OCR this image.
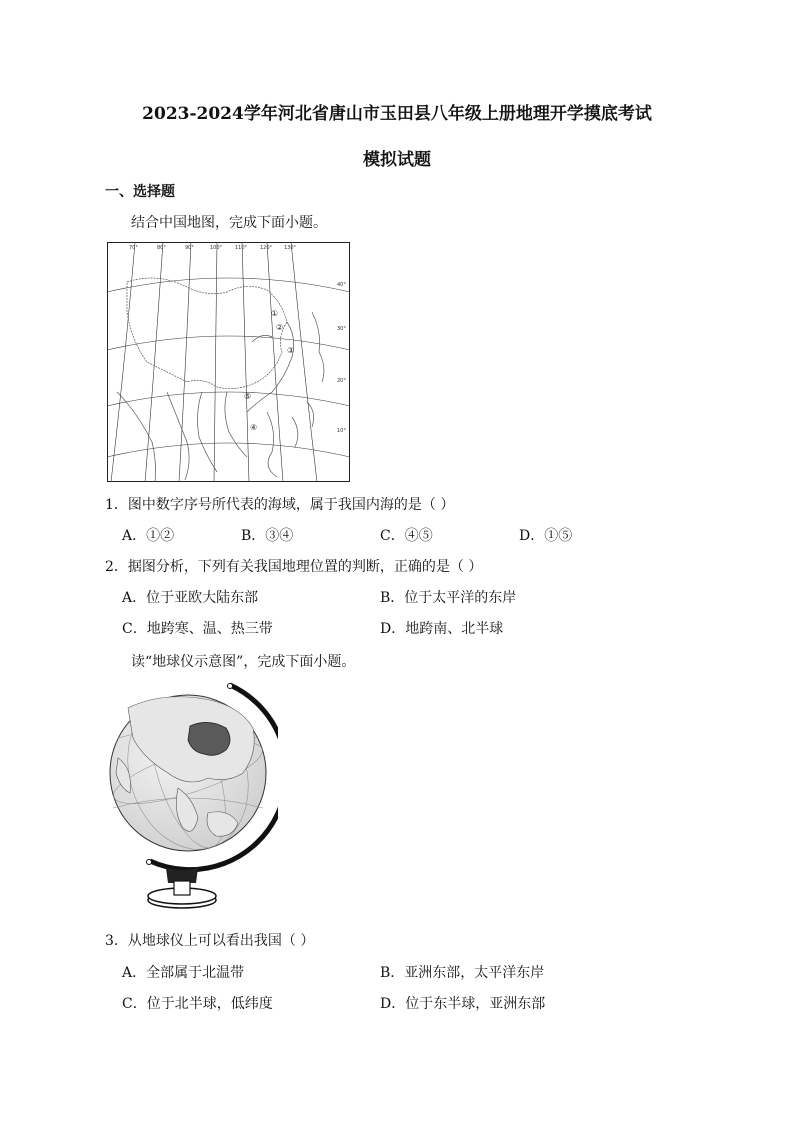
2023-2024学年河北省唐山市玉田县八年级上册地理开学摸底考试
模拟试题
一、选择题
结合中国地图，完成下面小题。
70°	80°	90°	100°	110°	120° 130°
①
②
③
⑤
④
40°
30°
20°
10°
1．图中数字序号所代表的海域，属于我国内海的是（ ）
A．①②	B．③④	C．④⑤	D．①⑤
2．据图分析，下列有关我国地理位置的判断，正确的是（ ）
A．位于亚欧大陆东部	B．位于太平洋的东岸
C．地跨寒、温、热三带	D．地跨南、北半球
读“地球仪示意图”，完成下面小题。
3．从地球仪上可以看出我国（ ）
A．全部属于北温带	B．亚洲东部，太平洋东岸
C．位于北半球，低纬度	D．位于东半球，亚洲东部
